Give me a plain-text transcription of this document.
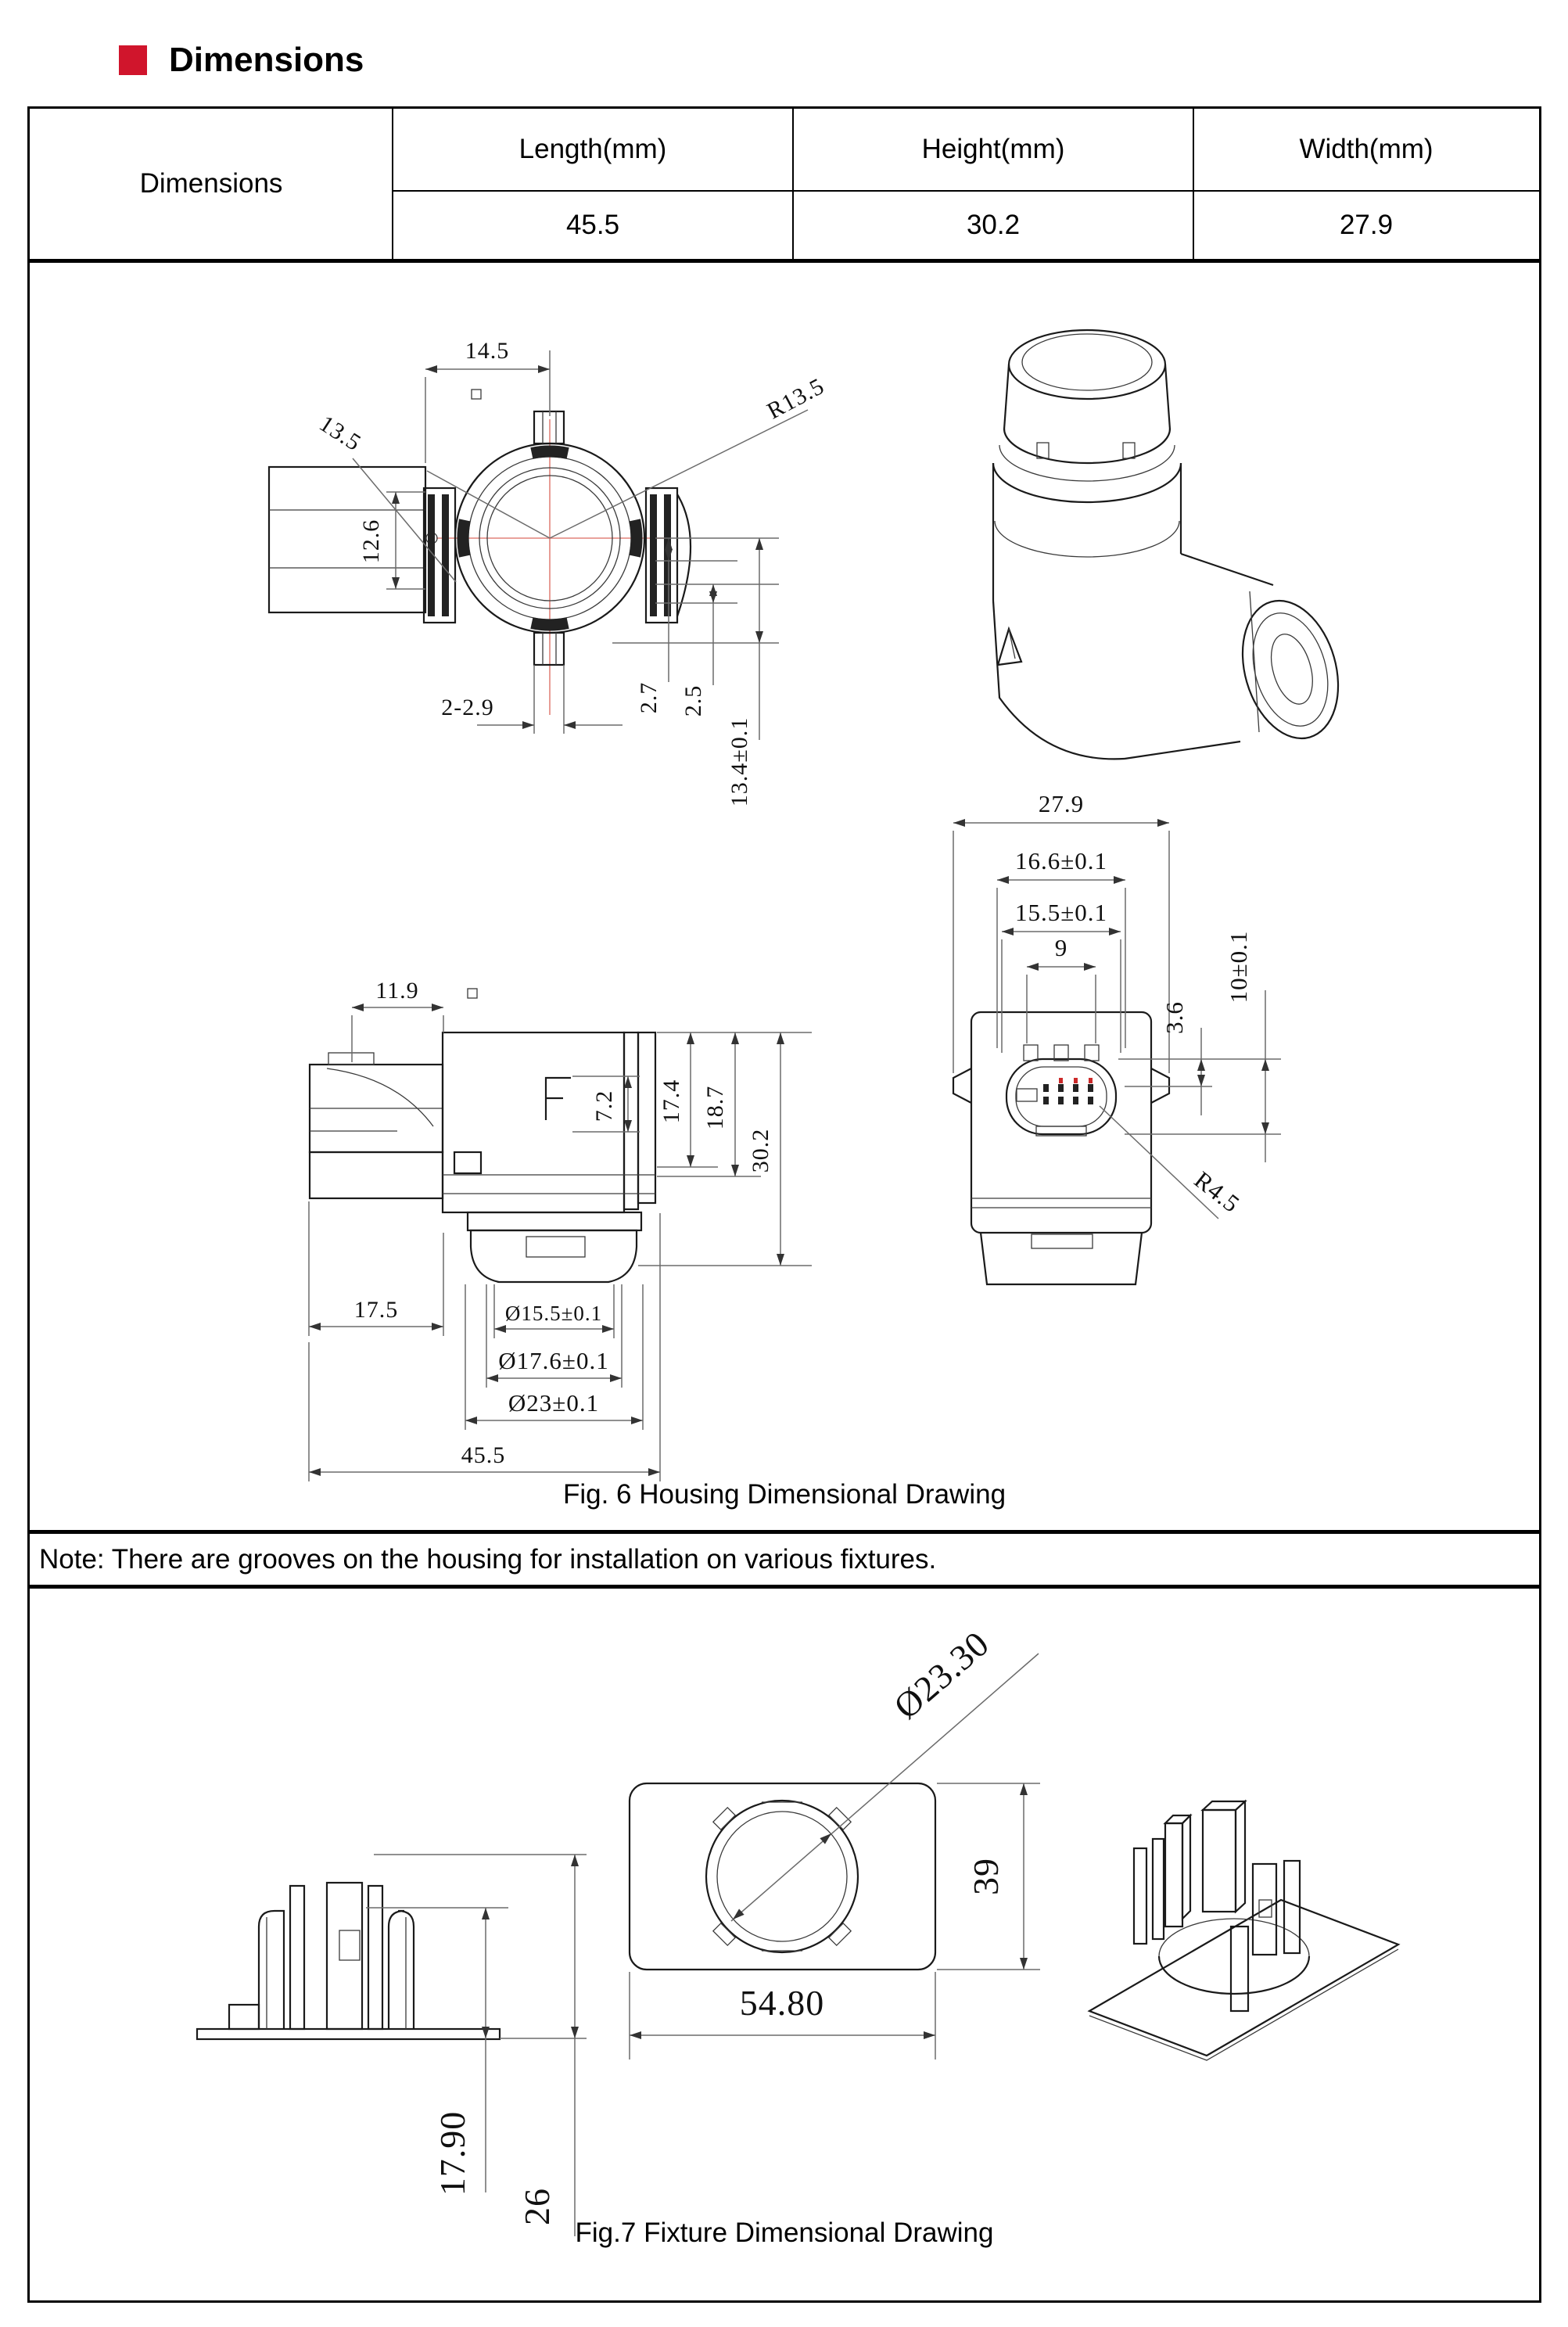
Dimensions
Dimensions
Length(mm)	Height(mm)	Width(mm)
45.5	30.2	27.9
14.5
13.5
R13.5
12.6
2-2.9	2.7 2.5
13.4±0.1
11.9
7.2 17.4 18.7
30.2
17.5	Ø15.5±0.1
Ø17.6±0.1
Ø23±0.1
45.5
27.9
16.6±0.1
15.5±0.1
9
3.6
10±0.1
R4.5
Fig. 6 Housing Dimensional Drawing
Note: There are grooves on the housing for installation on various fixtures.
17.90
26
Ø23.30
39
54.80
Fig.7 Fixture Dimensional Drawing
